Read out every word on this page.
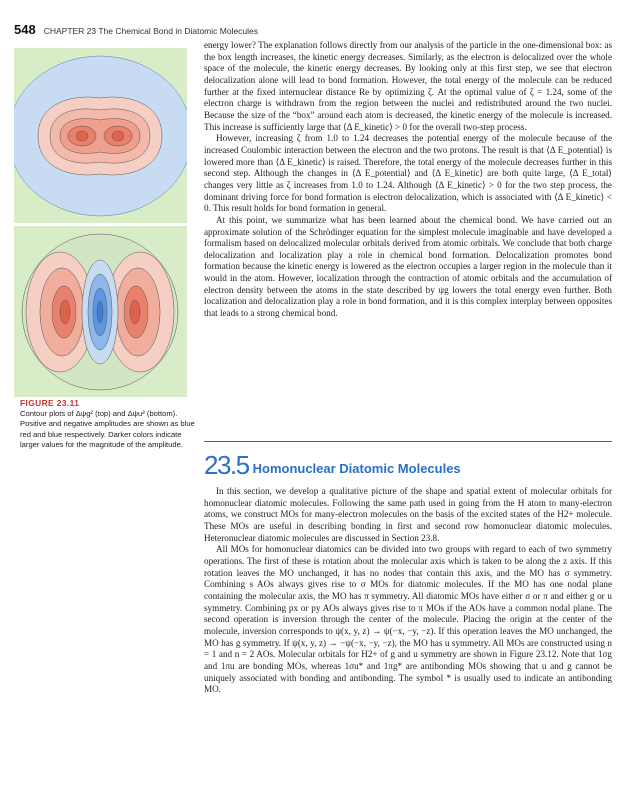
548 CHAPTER 23 The Chemical Bond in Diatomic Molecules
FIGURE 23.11
Contour plots of Δψg² (top) and Δψu² (bottom). Positive and negative amplitudes are shown as blue red and blue respectively. Darker colors indicate larger values for the magnitude of the amplitude.

energy lower? The explanation follows directly from our analysis of the particle in the one-dimensional box: as the box length increases, the kinetic energy decreases. Similarly, as the electron is delocalized over the whole space of the molecule, the kinetic energy decreases. By looking only at this first step, we see that electron delocalization alone will lead to bond formation. However, the total energy of the molecule can be reduced further at the fixed internuclear distance Re by optimizing ζ. At the optimal value of ζ = 1.24, some of the electron charge is withdrawn from the region between the nuclei and redistributed around the two nuclei. Because the size of the “box” around each atom is decreased, the kinetic energy of the molecule is increased. This increase is sufficiently large that ⟨Δ E_kinetic⟩ > 0 for the overall two-step process.

However, increasing ζ from 1.0 to 1.24 decreases the potential energy of the molecule because of the increased Coulombic interaction between the electron and the two protons. The result is that ⟨Δ E_potential⟩ is lowered more than ⟨Δ E_kinetic⟩ is raised. Therefore, the total energy of the molecule decreases further in this second step. Although the changes in ⟨Δ E_potential⟩ and ⟨Δ E_kinetic⟩ are both quite large, ⟨Δ E_total⟩ changes very little as ζ increases from 1.0 to 1.24. Although ⟨Δ E_kinetic⟩ > 0 for the two step process, the dominant driving force for bond formation is electron delocalization, which is associated with ⟨Δ E_kinetic⟩ < 0. This result holds for bond formation in general.

At this point, we summarize what has been learned about the chemical bond. We have carried out an approximate solution of the Schrödinger equation for the simplest molecule imaginable and have developed a formalism based on delocalized molecular orbitals derived from atomic orbitals. We conclude that both charge delocalization and localization play a role in chemical bond formation. Delocalization promotes bond formation because the kinetic energy is lowered as the electron occupies a larger region in the molecule than it would in the atom. However, localization through the contraction of atomic orbitals and the accumulation of electron density between the atoms in the state described by ψg lowers the total energy even further. Both localization and delocalization play a role in bond formation, and it is this complex interplay between opposites that leads to a strong chemical bond.

23.5 Homonuclear Diatomic Molecules

In this section, we develop a qualitative picture of the shape and spatial extent of molecular orbitals for homonuclear diatomic molecules. Following the same path used in going from the H atom to many-electron atoms, we construct MOs for many-electron molecules on the basis of the excited states of the H2+ molecule. These MOs are useful in describing bonding in first and second row homonuclear diatomic molecules. Heteronuclear diatomic molecules are discussed in Section 23.8.

All MOs for homonuclear diatomics can be divided into two groups with regard to each of two symmetry operations. The first of these is rotation about the molecular axis which is taken to be along the z axis. If this rotation leaves the MO unchanged, it has no nodes that contain this axis, and the MO has σ symmetry. Combining s AOs always gives rise to σ MOs for diatomic molecules. If the MO has one nodal plane containing the molecular axis, the MO has π symmetry. All diatomic MOs have either σ or π and either g or u symmetry. Combining px or py AOs always gives rise to π MOs if the AOs have a common nodal plane. The second operation is inversion through the center of the molecule. Placing the origin at the center of the molecule, inversion corresponds to ψ(x, y, z) → ψ(−x, −y, −z). If this operation leaves the MO unchanged, the MO has g symmetry. If ψ(x, y, z) → −ψ(−x, −y, −z), the MO has u symmetry. All MOs are constructed using n = 1 and n = 2 AOs. Molecular orbitals for H2+ of g and u symmetry are shown in Figure 23.12. Note that 1σg and 1πu are bonding MOs, whereas 1σu* and 1πg* are antibonding MOs showing that u and g cannot be uniquely associated with bonding and antibonding. The symbol * is usually used to indicate an antibonding MO.
